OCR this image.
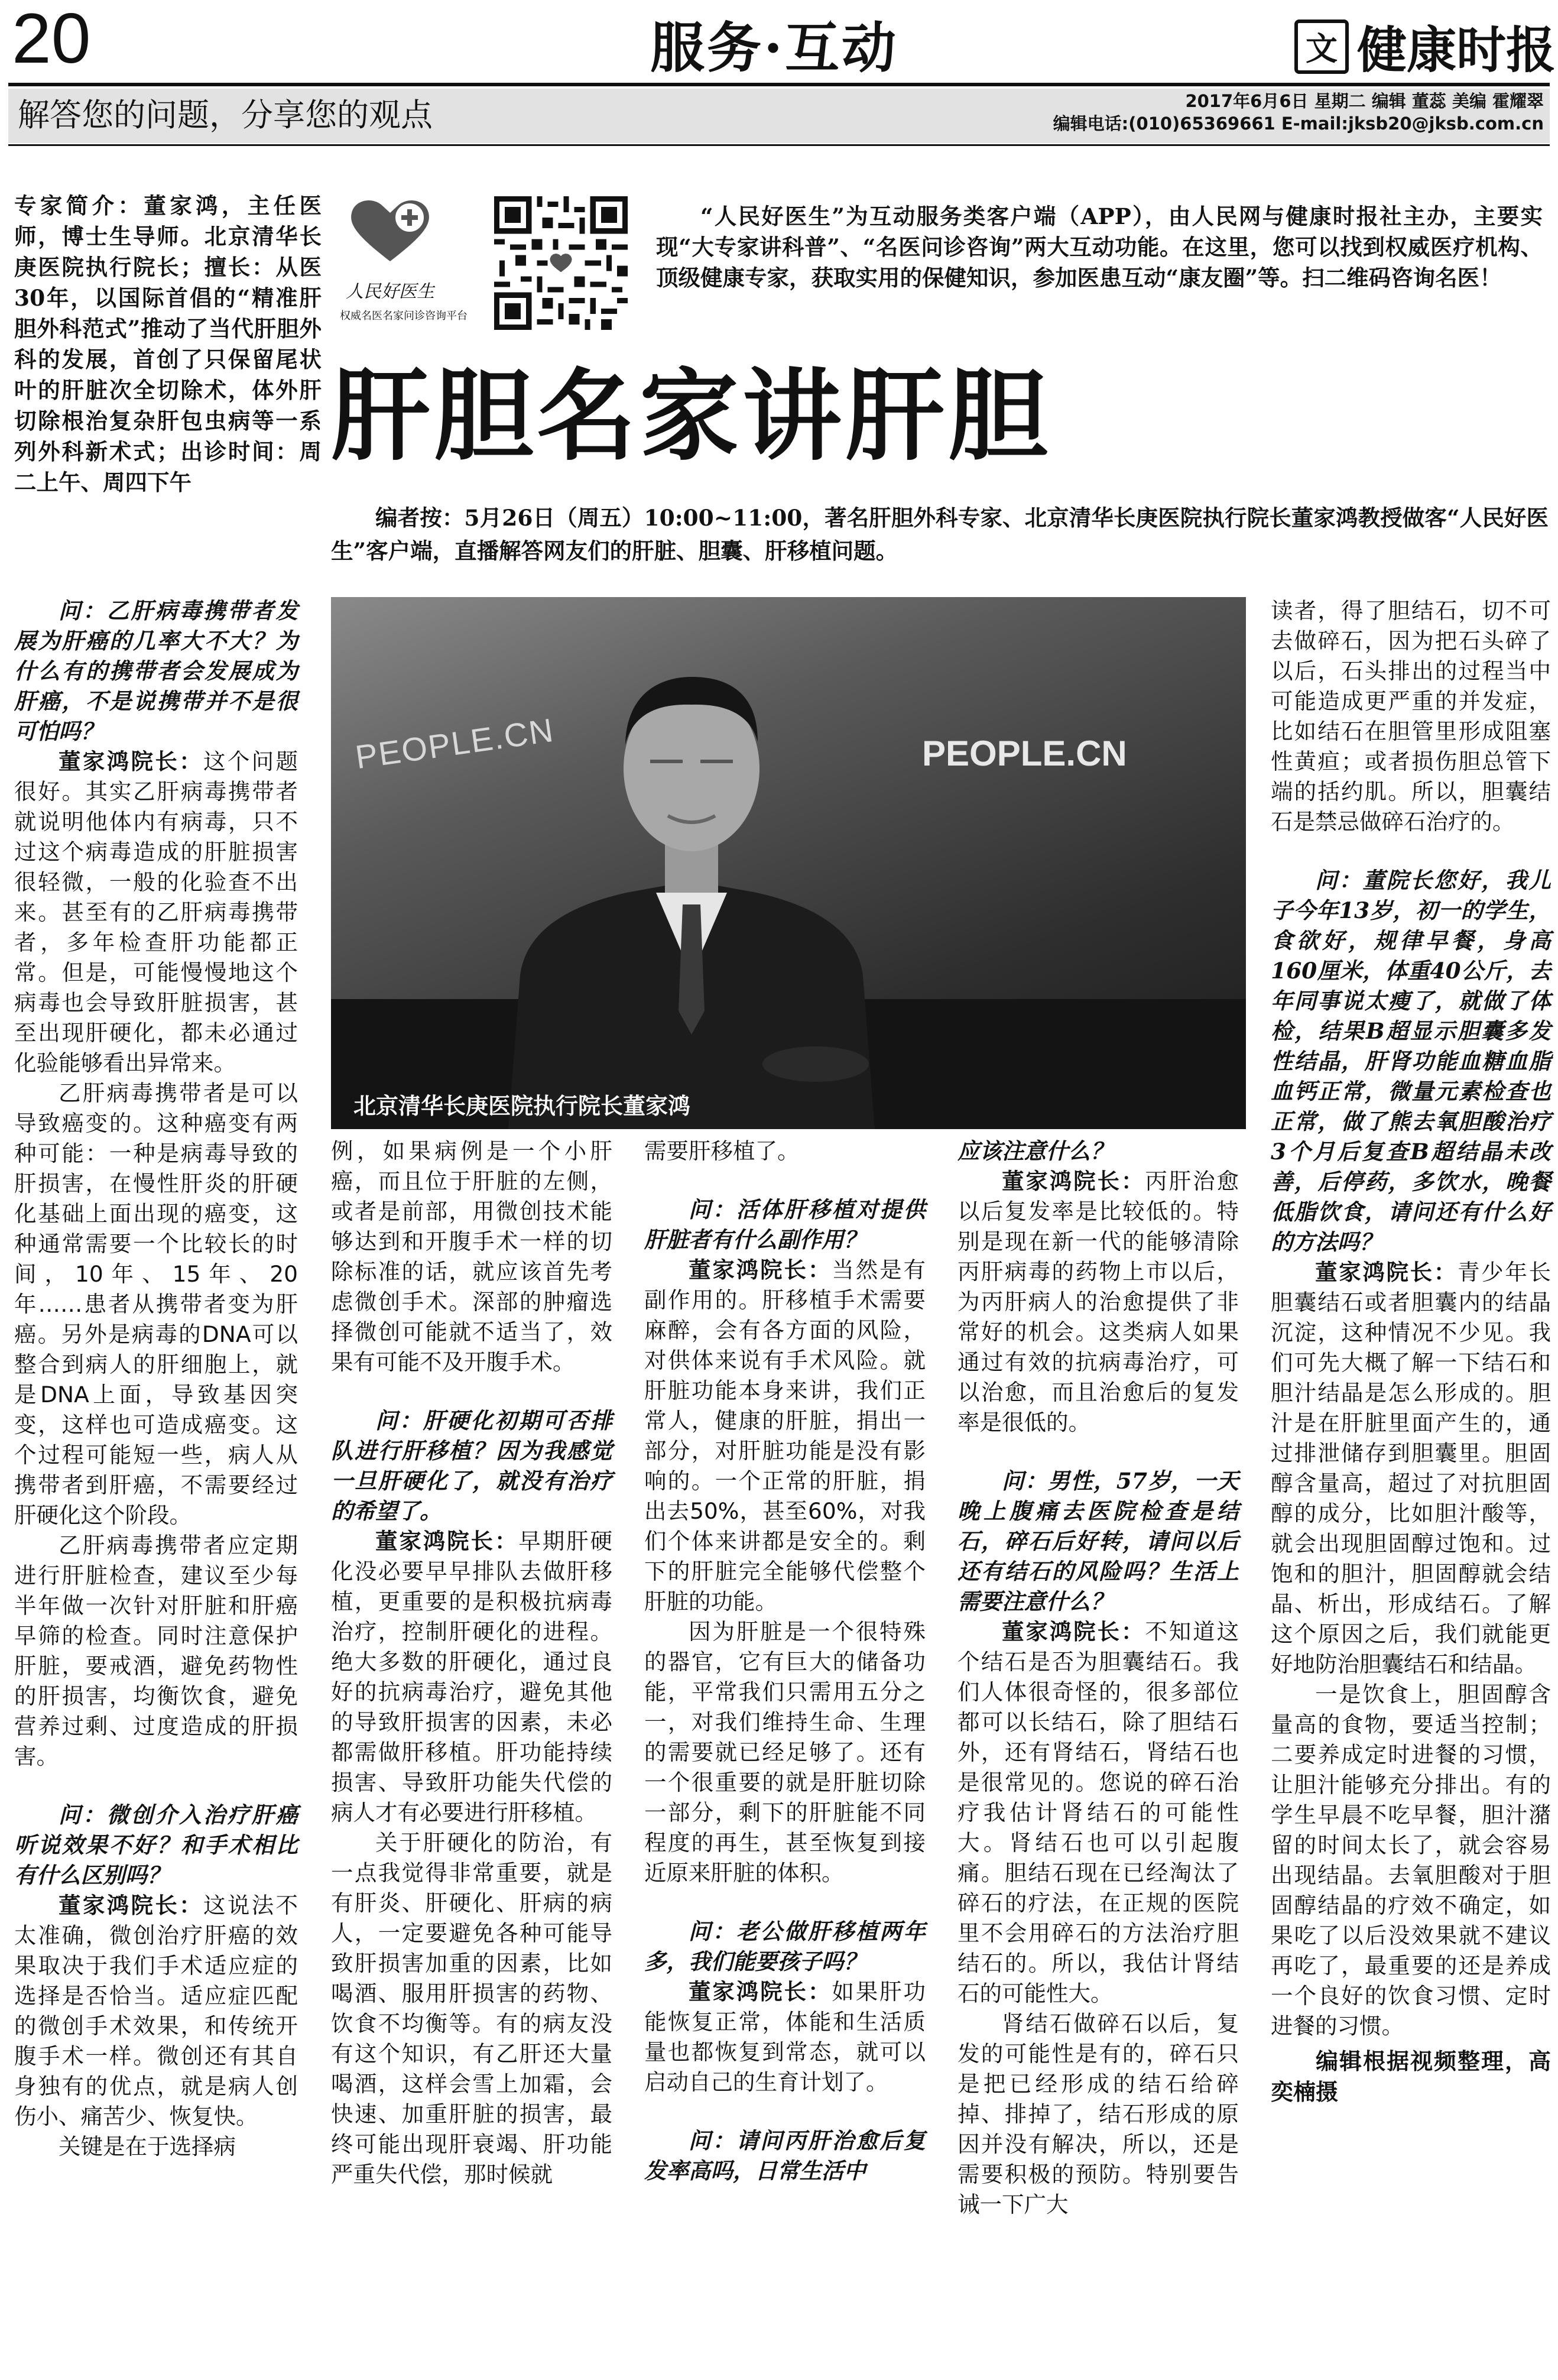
20	服务·互动	文 健康时报
解答您的问题，分享您的观点	2017年6月6日 星期二 编辑 董蕊 美编 霍耀翠
编辑电话:(010)65369661 E-mail:jksb20@jksb.com.cn
专家简介：董家鸿，主任医师，博士生导师。北京清华长庚医院执行院长；擅长：从医30年，以国际首倡的“精准肝胆外科范式”推动了当代肝胆外科的发展，首创了只保留尾状叶的肝脏次全切除术，体外肝切除根治复杂肝包虫病等一系列外科新术式；出诊时间：周二上午、周四下午
人民好医生
权威名医名家问诊咨询平台
“人民好医生”为互动服务类客户端（APP），由人民网与健康时报社主办，主要实现“大专家讲科普”、“名医问诊咨询”两大互动功能。在这里，您可以找到权威医疗机构、顶级健康专家，获取实用的保健知识，参加医患互动“康友圈”等。扫二维码咨询名医！
肝胆名家讲肝胆
编者按：5月26日（周五）10:00~11:00，著名肝胆外科专家、北京清华长庚医院执行院长董家鸿教授做客“人民好医生”客户端，直播解答网友们的肝脏、胆囊、肝移植问题。
PEOPLE.CN	PEOPLE.CN
北京清华长庚医院执行院长董家鸿

问：乙肝病毒携带者发展为肝癌的几率大不大？为什么有的携带者会发展成为肝癌，不是说携带并不是很可怕吗？

董家鸿院长：这个问题很好。其实乙肝病毒携带者就说明他体内有病毒，只不过这个病毒造成的肝脏损害很轻微，一般的化验查不出来。甚至有的乙肝病毒携带者，多年检查肝功能都正常。但是，可能慢慢地这个病毒也会导致肝脏损害，甚至出现肝硬化，都未必通过化验能够看出异常来。

乙肝病毒携带者是可以导致癌变的。这种癌变有两种可能：一种是病毒导致的肝损害，在慢性肝炎的肝硬化基础上面出现的癌变，这种通常需要一个比较长的时间，10年、15年、20年……患者从携带者变为肝癌。另外是病毒的DNA可以整合到病人的肝细胞上，就是DNA上面，导致基因突变，这样也可造成癌变。这个过程可能短一些，病人从携带者到肝癌，不需要经过肝硬化这个阶段。

乙肝病毒携带者应定期进行肝脏检查，建议至少每半年做一次针对肝脏和肝癌早筛的检查。同时注意保护肝脏，要戒酒，避免药物性的肝损害，均衡饮食，避免营养过剩、过度造成的肝损害。

问：微创介入治疗肝癌听说效果不好？和手术相比有什么区别吗？

董家鸿院长：这说法不太准确，微创治疗肝癌的效果取决于我们手术适应症的选择是否恰当。适应症匹配的微创手术效果，和传统开腹手术一样。微创还有其自身独有的优点，就是病人创伤小、痛苦少、恢复快。

关键是在于选择病

例，如果病例是一个小肝癌，而且位于肝脏的左侧，或者是前部，用微创技术能够达到和开腹手术一样的切除标准的话，就应该首先考虑微创手术。深部的肿瘤选择微创可能就不适当了，效果有可能不及开腹手术。

问：肝硬化初期可否排队进行肝移植？因为我感觉一旦肝硬化了，就没有治疗的希望了。

董家鸿院长：早期肝硬化没必要早早排队去做肝移植，更重要的是积极抗病毒治疗，控制肝硬化的进程。绝大多数的肝硬化，通过良好的抗病毒治疗，避免其他的导致肝损害的因素，未必都需做肝移植。肝功能持续损害、导致肝功能失代偿的病人才有必要进行肝移植。

关于肝硬化的防治，有一点我觉得非常重要，就是有肝炎、肝硬化、肝病的病人，一定要避免各种可能导致肝损害加重的因素，比如喝酒、服用肝损害的药物、饮食不均衡等。有的病友没有这个知识，有乙肝还大量喝酒，这样会雪上加霜，会快速、加重肝脏的损害，最终可能出现肝衰竭、肝功能严重失代偿，那时候就

需要肝移植了。

问：活体肝移植对提供肝脏者有什么副作用？

董家鸿院长：当然是有副作用的。肝移植手术需要麻醉，会有各方面的风险，对供体来说有手术风险。就肝脏功能本身来讲，我们正常人，健康的肝脏，捐出一部分，对肝脏功能是没有影响的。一个正常的肝脏，捐出去50%，甚至60%，对我们个体来讲都是安全的。剩下的肝脏完全能够代偿整个肝脏的功能。

因为肝脏是一个很特殊的器官，它有巨大的储备功能，平常我们只需用五分之一，对我们维持生命、生理的需要就已经足够了。还有一个很重要的就是肝脏切除一部分，剩下的肝脏能不同程度的再生，甚至恢复到接近原来肝脏的体积。

问：老公做肝移植两年多，我们能要孩子吗？

董家鸿院长：如果肝功能恢复正常，体能和生活质量也都恢复到常态，就可以启动自己的生育计划了。

问：请问丙肝治愈后复发率高吗，日常生活中

应该注意什么？

董家鸿院长：丙肝治愈以后复发率是比较低的。特别是现在新一代的能够清除丙肝病毒的药物上市以后，为丙肝病人的治愈提供了非常好的机会。这类病人如果通过有效的抗病毒治疗，可以治愈，而且治愈后的复发率是很低的。

问：男性，57岁，一天晚上腹痛去医院检查是结石，碎石后好转，请问以后还有结石的风险吗？生活上需要注意什么？

董家鸿院长：不知道这个结石是否为胆囊结石。我们人体很奇怪的，很多部位都可以长结石，除了胆结石外，还有肾结石，肾结石也是很常见的。您说的碎石治疗我估计肾结石的可能性大。肾结石也可以引起腹痛。胆结石现在已经淘汰了碎石的疗法，在正规的医院里不会用碎石的方法治疗胆结石的。所以，我估计肾结石的可能性大。

肾结石做碎石以后，复发的可能性是有的，碎石只是把已经形成的结石给碎掉、排掉了，结石形成的原因并没有解决，所以，还是需要积极的预防。特别要告诫一下广大

读者，得了胆结石，切不可去做碎石，因为把石头碎了以后，石头排出的过程当中可能造成更严重的并发症，比如结石在胆管里形成阻塞性黄疸；或者损伤胆总管下端的括约肌。所以，胆囊结石是禁忌做碎石治疗的。

问：董院长您好，我儿子今年13岁，初一的学生，食欲好，规律早餐，身高160厘米，体重40公斤，去年同事说太瘦了，就做了体检，结果B超显示胆囊多发性结晶，肝肾功能血糖血脂血钙正常，微量元素检查也正常，做了熊去氧胆酸治疗3个月后复查B超结晶未改善，后停药，多饮水，晚餐低脂饮食，请问还有什么好的方法吗？

董家鸿院长：青少年长胆囊结石或者胆囊内的结晶沉淀，这种情况不少见。我们可先大概了解一下结石和胆汁结晶是怎么形成的。胆汁是在肝脏里面产生的，通过排泄储存到胆囊里。胆固醇含量高，超过了对抗胆固醇的成分，比如胆汁酸等，就会出现胆固醇过饱和。过饱和的胆汁，胆固醇就会结晶、析出，形成结石。了解这个原因之后，我们就能更好地防治胆囊结石和结晶。

一是饮食上，胆固醇含量高的食物，要适当控制；二要养成定时进餐的习惯，让胆汁能够充分排出。有的学生早晨不吃早餐，胆汁潴留的时间太长了，就会容易出现结晶。去氧胆酸对于胆固醇结晶的疗效不确定，如果吃了以后没效果就不建议再吃了，最重要的还是养成一个良好的饮食习惯、定时进餐的习惯。

编辑根据视频整理，高奕楠摄
